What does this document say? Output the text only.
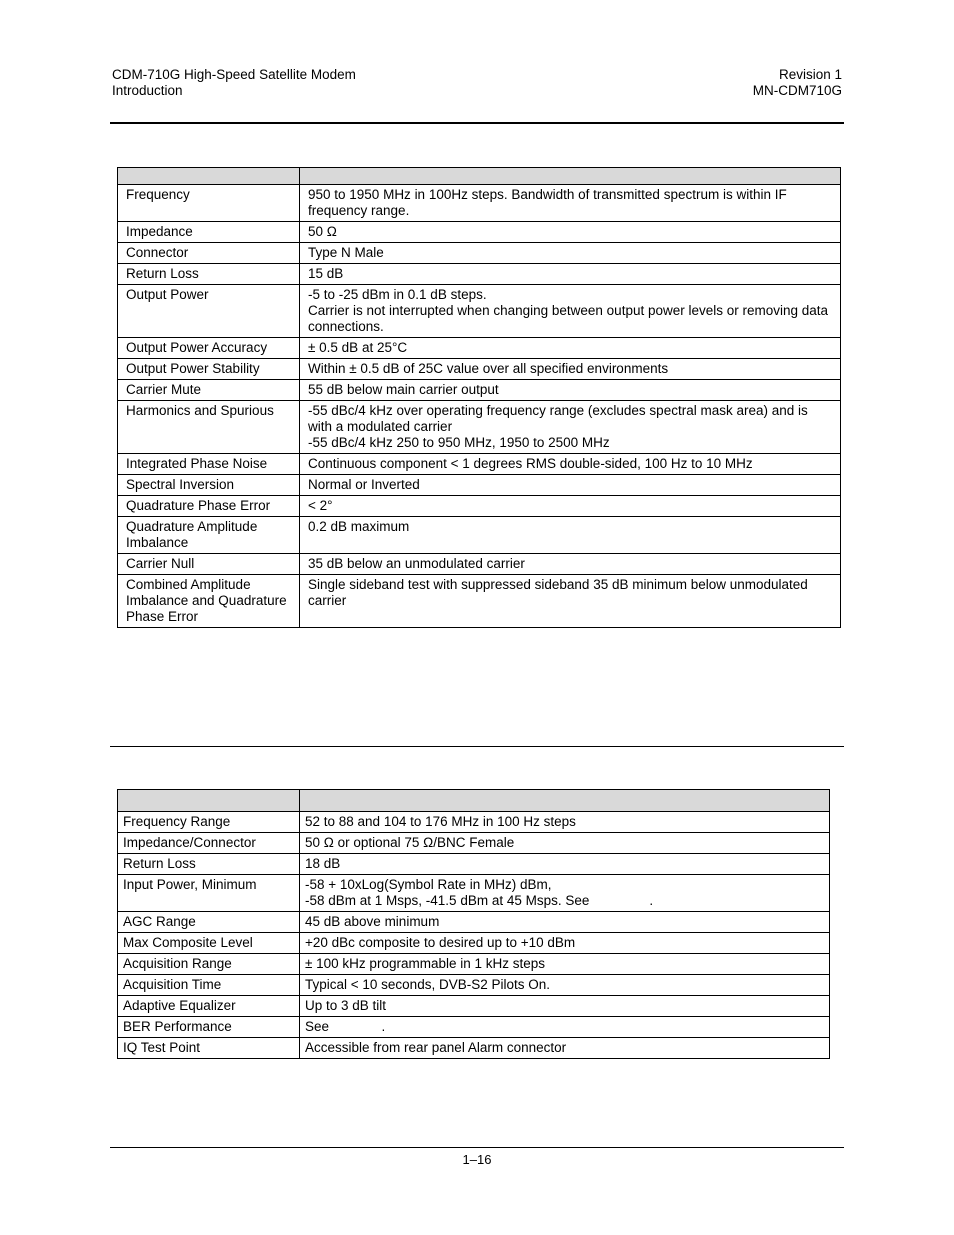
CDM-710G High-Speed Satellite Modem
Introduction
Revision 1
MN-CDM710G

Frequency	950 to 1950 MHz in 100Hz steps. Bandwidth of transmitted spectrum is within IF frequency range.
Impedance	50 Ω
Connector	Type N Male
Return Loss	15 dB
Output Power	-5 to -25 dBm in 0.1 dB steps.
Carrier is not interrupted when changing between output power levels or removing data connections.
Output Power Accuracy	± 0.5 dB at 25°C
Output Power Stability	Within ± 0.5 dB of 25C value over all specified environments
Carrier Mute	55 dB below main carrier output
Harmonics and Spurious	-55 dBc/4 kHz over operating frequency range (excludes spectral mask area) and is with a modulated carrier
-55 dBc/4 kHz 250 to 950 MHz, 1950 to 2500 MHz
Integrated Phase Noise	Continuous component < 1 degrees RMS double-sided, 100 Hz to 10 MHz
Spectral Inversion	Normal or Inverted
Quadrature Phase Error	< 2°
Quadrature Amplitude Imbalance	0.2 dB maximum
Carrier Null	35 dB below an unmodulated carrier
Combined Amplitude Imbalance and Quadrature Phase Error	Single sideband test with suppressed sideband 35 dB minimum below unmodulated carrier

Frequency Range	52 to 88 and 104 to 176 MHz in 100 Hz steps
Impedance/Connector	50 Ω or optional 75 Ω/BNC Female
Return Loss	18 dB
Input Power, Minimum	-58 + 10xLog(Symbol Rate in MHz) dBm,
-58 dBm at 1 Msps, -41.5 dBm at 45 Msps. See                .
AGC Range	45 dB above minimum
Max Composite Level	+20 dBc composite to desired up to +10 dBm
Acquisition Range	± 100 kHz programmable in 1 kHz steps
Acquisition Time	Typical < 10 seconds, DVB-S2 Pilots On.
Adaptive Equalizer	Up to 3 dB tilt
BER Performance	See              .
IQ Test Point	Accessible from rear panel Alarm connector
1–16
